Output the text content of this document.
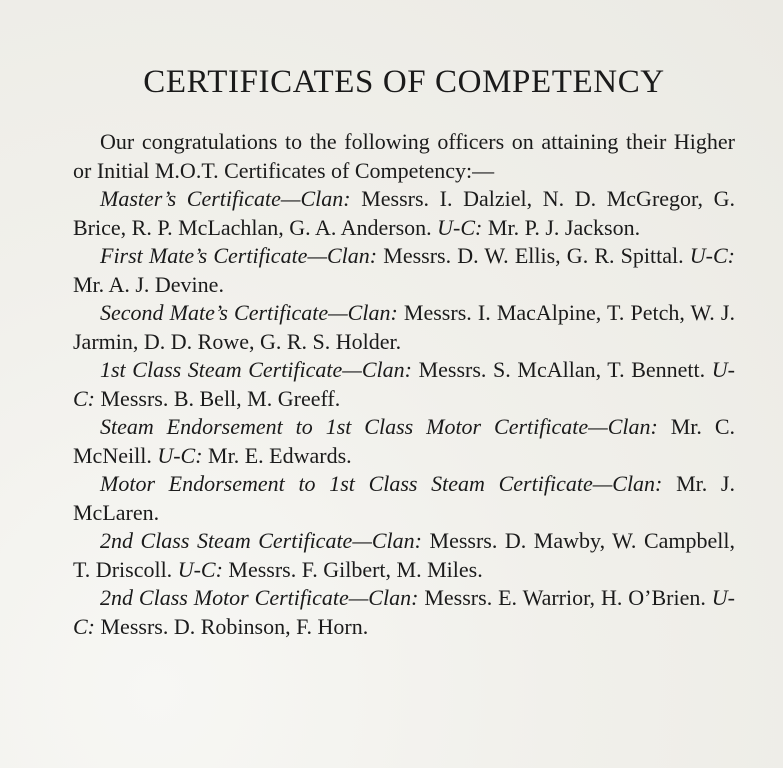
CERTIFICATES OF COMPETENCY

Our congratulations to the following officers on attaining their Higher or Initial M.O.T. Certificates of Competency:—

Master’s Certificate—Clan: Messrs. I. Dalziel, N. D. McGregor, G. Brice, R. P. McLachlan, G. A. Anderson. U-C: Mr. P. J. Jackson.

First Mate’s Certificate—Clan: Messrs. D. W. Ellis, G. R. Spittal. U-C: Mr. A. J. Devine.

Second Mate’s Certificate—Clan: Messrs. I. MacAlpine, T. Petch, W. J. Jarmin, D. D. Rowe, G. R. S. Holder.

1st Class Steam Certificate—Clan: Messrs. S. McAllan, T. Bennett. U-C: Messrs. B. Bell, M. Greeff.

Steam Endorsement to 1st Class Motor Certificate—Clan: Mr. C. McNeill. U-C: Mr. E. Edwards.

Motor Endorsement to 1st Class Steam Certificate—Clan: Mr. J. McLaren.

2nd Class Steam Certificate—Clan: Messrs. D. Mawby, W. Campbell, T. Driscoll. U-C: Messrs. F. Gilbert, M. Miles.

2nd Class Motor Certificate—Clan: Messrs. E. Warrior, H. O’Brien. U-C: Messrs. D. Robinson, F. Horn.
